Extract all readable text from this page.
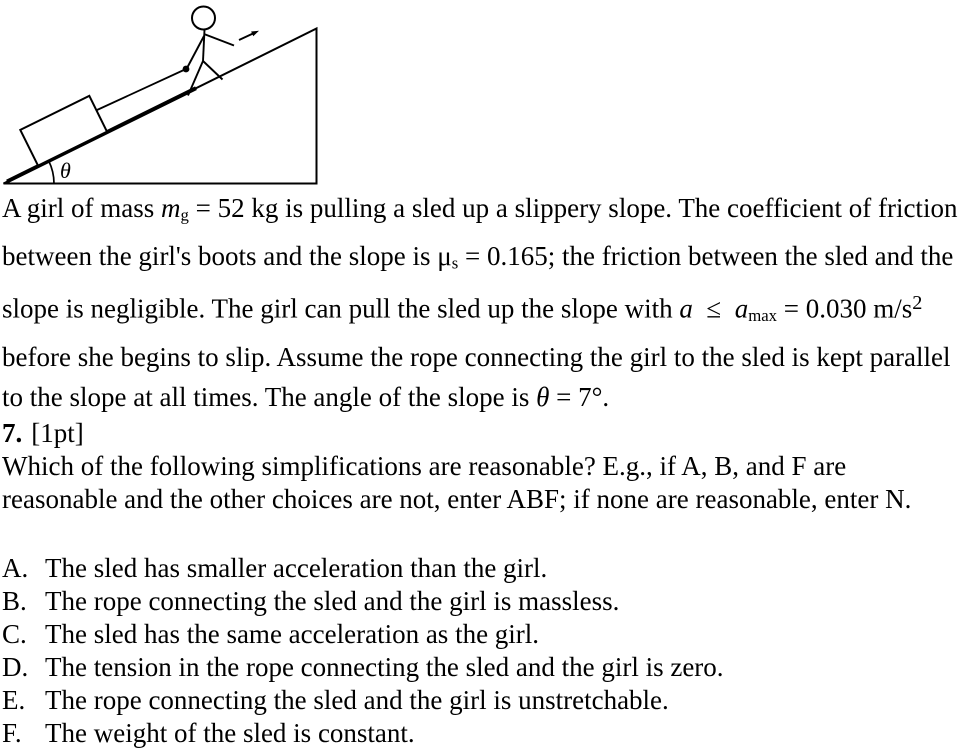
θ
A girl of mass $m_g = 52$ kg is pulling a sled up a slippery slope. The coefficient of friction
between the girl's boots and the slope is $\mu_s = 0.165$; the friction between the sled and the
slope is negligible. The girl can pull the sled up the slope with $a \le a_{max} = 0.030$ $m/s^2$
before she begins to slip. Assume the rope connecting the girl to the sled is kept parallel
to the slope at all times. The angle of the slope is θ = 7°.
7. [1pt]
Which of the following simplifications are reasonable? E.g., if A, B, and F are
reasonable and the other choices are not, enter ABF; if none are reasonable, enter N.
A. The sled has smaller acceleration than the girl.
B. The rope connecting the sled and the girl is massless.
C. The sled has the same acceleration as the girl.
D. The tension in the rope connecting the sled and the girl is zero.
E. The rope connecting the sled and the girl is unstretchable.
F. The weight of the sled is constant.
